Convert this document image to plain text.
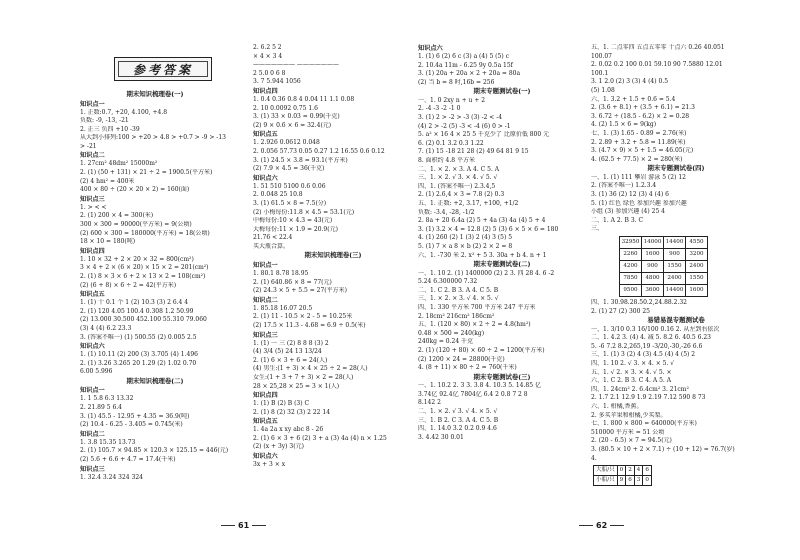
参考答案
期末知识梳理卷(一)
知识点一
1. 正数:0.7, +20, 4.100, +4.8
负数: -9, -13, -21
2. 正三 负四 +10 -39
从大到小排列:100 > +20 > 4.8 > +0.7 > -9 > -13
> -21
知识点二
1. 27cm² 48dm² 15000m²
2. (1) (50 + 131) × 21 ÷ 2 = 1900.5(平方米)
(2) 4 hm² = 400米
400 × 80 ÷ (20 × 20 × 2) = 160(面)
知识点三
1. > < <
2. (1) 200 × 4 = 300(米)
300 × 300 = 90000(平方米) = 9(公顷)
(2) 600 × 300 = 180000(平方米) = 18(公顷)
18 × 10 = 180(吨)
知识点四
1. 10 × 32 + 2 × 20 × 32 = 800(cm²)
3 × 4 + 2 × (6 × 20) × 15 × 2 = 201(cm²)
2. (1) 8 × 3 × 6 + 2 × 13 × 2 = 108(cm²)
(2) (6 + 8) × 6 ÷ 2 = 42(平方米)
知识点五
1. (1) 十 0.1 个 1 (2) 10.3 (3) 2 6.4 4
2. (1) 120 4.05 100.4 0.308 1.2 50.99
(2) 13.000 30.500 452.100 55.310 79.060
(3) 4 (4) 6.2 23.3
3. (答案不唯一) (1) 500.55 (2) 0.005 2.5
知识点六
1. (1) 10.11 (2) 200 (3) 3.705 (4) 1.496
2. (1) 3.26 3.265 20 1.29 (2) 1.02 0.70
6.00 5.996
期末知识梳理卷(二)
知识点一
1. 1 5.8 6.3 13.32
2. 21.89 5 6.4
3. (1) 45.5 - 12.95 + 4.35 = 36.9(吨)
(2) 10.4 - 6.25 - 3.405 = 0.745(米)
知识点二
1. 3.8 15.35 13.73
2. (1) 105.7 × 94.85 × 120.3 × 125.15 = 446(元)
(2) 5.6 + 6.6 + 4.7 = 17.4(千米)
知识点三
1. 32.4 3.24 324 324
2. 6.2 5 2
× 4 × 3 4
——————— ———————
2 5.0 0 6 8
3. 7 5.944 1056
知识点四
1. 0.4 0.36 0.8 4 0.04 11 1.1 0.08
2. 10 0.0092 0.75 1.6
3. (1) 33 × 0.03 = 0.99(千克)
(2) 9 × 0.6 × 6 = 32.4(元)
知识点五
1. 2.926 0.0612 0.048
2. 0.056 57.73 0.05 0.27 1.2 16.55 0.6 0.12
3. (1) 24.5 × 3.8 = 93.1(平方米)
(2) 7.9 × 4.5 = 36(千克)
知识点六
1. 51 510 5100 0.6 0.06
2. 0.048 25 10.8
3. (1) 61.5 × 8 = 7.5(分)
(2) 小梅每份:11.8 × 4.5 = 53.1(元)
中梅每份:10 × 4.3 = 43(元)
大梅每份:11 × 1.9 = 20.9(元)
21.76 < 22.4
买大瓶合算。
期末知识梳理卷(三)
知识点一
1. 80.1 8.78 18.95
2. (1) 640.86 × 8 = 77(元)
(2) 24.3 × 5 + 5.5 = 27(平方米)
知识点二
1. 85.18 16.07 20.5
2. (1) 11 - 10.5 × 2 - 5 = 10.25米
(2) 17.5 × 11.3 - 4.68 = 6.9 ÷ 0.5(米)
知识点三
1. (1) 一 三 (2) 8 8 8 (3) 2
(4) 3/4 (5) 24 13 13/24
2. (1) 6 × 3 + 6 = 24(人)
(4) 男生:(1 + 3) × 4 × 25 ÷ 2 = 28(人)
女生:(1 + 3 + 7 + 3) × 2 = 28(人)
28 × 25,28 × 25 = 3 × 1(人)
知识点四
1. (1) B (2) B (3) C
2. (1) 8 (2) 32 (3) 2 22 14
知识点五
1. 4a 2a x xy abc 8 - 26
2. (1) 6 × 3 + 6 (2) 3 + a (3) 4a (4) n × 1.25
(2) (x + 3y) 3(元)
知识点六
3x + 3 × x
知识点六
1. (1) 6 (2) 6 c (3) a (4) 5 (5) c
2. 10.4a 11m - 6.25 9y 0.5a 15f
3. (1) 20a + 20a × 2 + 20a = 80a
(2) 当 b = 8 时,16b = 256
期末专题测试卷(一)
一、1. 0 2xy n + u + 2
2. -4 -3 -2 -1 0
3. (1) 2 > -2 > -3 (3) -2 < -4
(4) 2 > -2 (5) -3 < -4 (6) 0 > -1
5. a² × 16 4 × 25 5 千克少了 比原价低 800 元
6. (2) 0.1 3.2 0.3 1.22
7. (1) 15 -18 21 28 (2) 49 64 81 9 15
8. 面积约 4.8 平方米
二、1. × 2. × 3. A 4. C 5. A
三、1. × 2. √ 3. × 4. √ 5. √
四、1. (答案不唯一) 2.3.4,5
2. (1) 2.6,4 × 3 = 7.8 (2) 0.3
五、1. 正数: +2, 3.17, +100, +1/2
负数: -3.4, -28, -1/2
2. 8a + 20 6.4a (2) 5 + 4a (3) 4a (4) 5 + 4
3. (1) 3.2 × 4 = 12.8 (2) 5 (3) 6 × 5 × 6 = 180
4. (1) 260 (2) 1 (3) 2 (4) 3 (5) 5
5. (1) 7 × a 8 × b (2) 2 × 2 = 8
六、1. -730 米 2. x² + 5 3. 30a + b 4. n + 1
期末专题测试卷(二)
一、1. 10 2. (1) 1400000 (2) 2 3. 四 28 4. 6 -2
5.24 6.300000 7.32
二、1. C 2. B 3. A 4. C 5. B
三、1. × 2. × 3. √ 4. × 5. √
四、1. 330 平方米 700 平方米 247 平方米
2. 18cm² 216cm² 186cm²
五、1. (120 × 80) × 2 ÷ 2 = 4.8(hm²)
0.48 × 500 = 240(kg)
240kg = 0.24 千克
2. (1) (120 + 80) × 60 ÷ 2 = 1200(平方米)
(2) 1200 × 24 = 28800(千克)
4. (8 + 11) × 80 ÷ 2 = 760(千米)
期末专题测试卷(三)
一、1. 10.2 2. 3 3. 3.8 4. 10.3 5. 14.85 亿
3.74亿 92.4亿 7804亿 6.4 2 0.8 7 2 8
8.142 2
二、1. × 2. √ 3. √ 4. × 5. √
三、1. B 2. C 3. A 4. C 5. B
四、1. 14.0 3.2 0.2 0.9 4.6
3. 4.42 30 0.01
五、1. 二点零四 五点五零零 十点六 0.26 40.051
100.07
2. 0.02 0.2 100 0.01 59.10 90 7.5880 12.01
100.1
3. 1 2.0 (2) 3 (3) 4 (4) 0.5
(5) 1.08
六、1. 3.2 + 1.5 + 0.6 = 5.4
2. (3.6 + 8.1) + (3.5 + 6.1) = 21.3
3. 6.72 ÷ (18.5 - 6.2) × 2 = 0.28
4. (2) 1.5 × 6 = 9(kg)
七、1. (3) 1.65 - 0.89 = 2.76(米)
2. 2.89 + 3.2 + 5.8 = 11.89(米)
3. (4.7 × 9) × 5 + 1.5 = 46.05(元)
4. (62.5 + 77.5) × 2 = 280(米)
期末专题测试卷(四)
一、1. (1) 111 攀岩 游泳 5 (2) 12
2. (答案不唯一) 1.2.3.4
3. (1) 36 (2) 12 (3) 4 (4) 6
5. (1) 红色 绿色 参加兴趣 参加兴趣
小组 (3) 参加兴趣 (4) 25 4
二、1. A 2. B 3. C
三、
32950	14000	14400	4550
2260	1600	900	3200
4200	900	1550	2400
7850	4800	2400	1550
9500	3600	14400	1600
四、1. 30.98.28.50.2,24.88.2.32
2. (1) 27 (2) 300 25
易错易混专题测试卷
一、1. 3/10 0.3 16/100 0.16 2. 从左到右依次
二、1. 4.2 3. (4) 4. 减 5. 8.2 6. 40.5 6.23
5. -6 7.2 8.2,265,19 -3/20,-30,-26 6.6
三、1. (1) 3 (2) 4 (3) 4.5 (4) 4 (5) 2
四、1. 10 2. √ 3. × 4. × 5. √
五、1. √ 2. × 3. × 4. √ 5. ×
六、1. C 2. B 3. C 4. A 5. A
四、1. 24cm² 2. 6.4cm² 3. 21cm²
2. 1.7 2.1 12.9 1.9 2.19 7.12 590 8 73
六、1. 柑橘,香蕉。
2. 多买苹果和柑橘,少买梨。
七、1. 800 × 800 = 640000(平方米)
510000 平方米 = 51 公顷
2. (20 - 6.5) × 7 = 94.5(元)
3. (80.5 × 10 + 2 × 7.1) ÷ (10 + 12) = 76.7(岁)
4.
大船/只	0	2	4	6
小船/只	9	6	3	0
61	62
